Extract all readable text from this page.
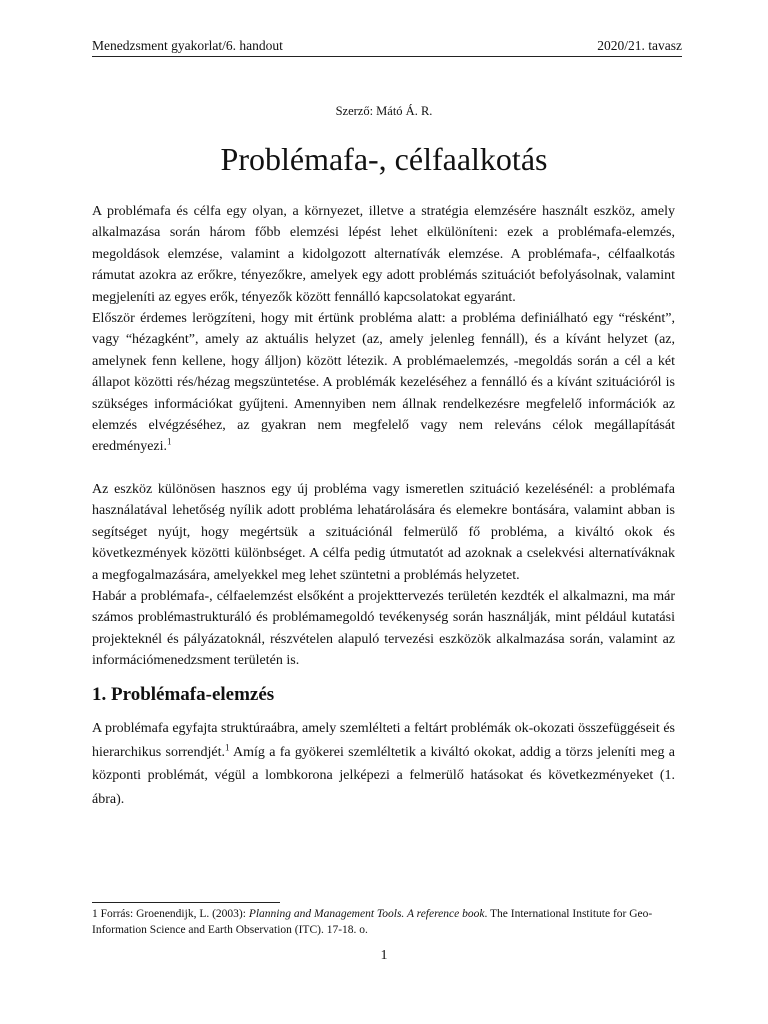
Menedzsment gyakorlat/6. handout	2020/21. tavasz
Szerző: Mátó Á. R.
Problémafa-, célfaalkotás

A problémafa és célfa egy olyan, a környezet, illetve a stratégia elemzésére használt eszköz, amely alkalmazása során három főbb elemzési lépést lehet elkülöníteni: ezek a problémafa-elemzés, megoldások elemzése, valamint a kidolgozott alternatívák elemzése. A problémafa-, célfaalkotás rámutat azokra az erőkre, tényezőkre, amelyek egy adott problémás szituációt befolyásolnak, valamint megjeleníti az egyes erők, tényezők között fennálló kapcsolatokat egyaránt.

Először érdemes lerögzíteni, hogy mit értünk probléma alatt: a probléma definiálható egy “résként”, vagy “hézagként”, amely az aktuális helyzet (az, amely jelenleg fennáll), és a kívánt helyzet (az, amelynek fenn kellene, hogy álljon) között létezik. A problémaelemzés, -megoldás során a cél a két állapot közötti rés/hézag megszüntetése. A problémák kezeléséhez a fennálló és a kívánt szituációról is szükséges információkat gyűjteni. Amennyiben nem állnak rendelkezésre megfelelő információk az elemzés elvégzéséhez, az gyakran nem megfelelő vagy nem releváns célok megállapítását eredményezi.$^1$

Az eszköz különösen hasznos egy új probléma vagy ismeretlen szituáció kezelésénél: a problémafa használatával lehetőség nyílik adott probléma lehatárolására és elemekre bontására, valamint abban is segítséget nyújt, hogy megértsük a szituációnál felmerülő fő probléma, a kiváltó okok és következmények közötti különbséget. A célfa pedig útmutatót ad azoknak a cselekvési alternatíváknak a megfogalmazására, amelyekkel meg lehet szüntetni a problémás helyzetet.

Habár a problémafa-, célfaelemzést elsőként a projekttervezés területén kezdték el alkalmazni, ma már számos problémastrukturáló és problémamegoldó tevékenység során használják, mint például kutatási projekteknél és pályázatoknál, részvételen alapuló tervezési eszközök alkalmazása során, valamint az információmenedzsment területén is.

1. Problémafa-elemzés

A problémafa egyfajta struktúraábra, amely szemlélteti a feltárt problémák ok-okozati összefüggéseit és hierarchikus sorrendjét.$^1$ Amíg a fa gyökerei szemléltetik a kiváltó okokat, addig a törzs jeleníti meg a központi problémát, végül a lombkorona jelképezi a felmerülő hatásokat és következményeket (1. ábra).

1 Forrás: Groenendijk, L. (2003): Planning and Management Tools. A reference book. The International Institute for Geo-Information Science and Earth Observation (ITC). 17-18. o.
1
